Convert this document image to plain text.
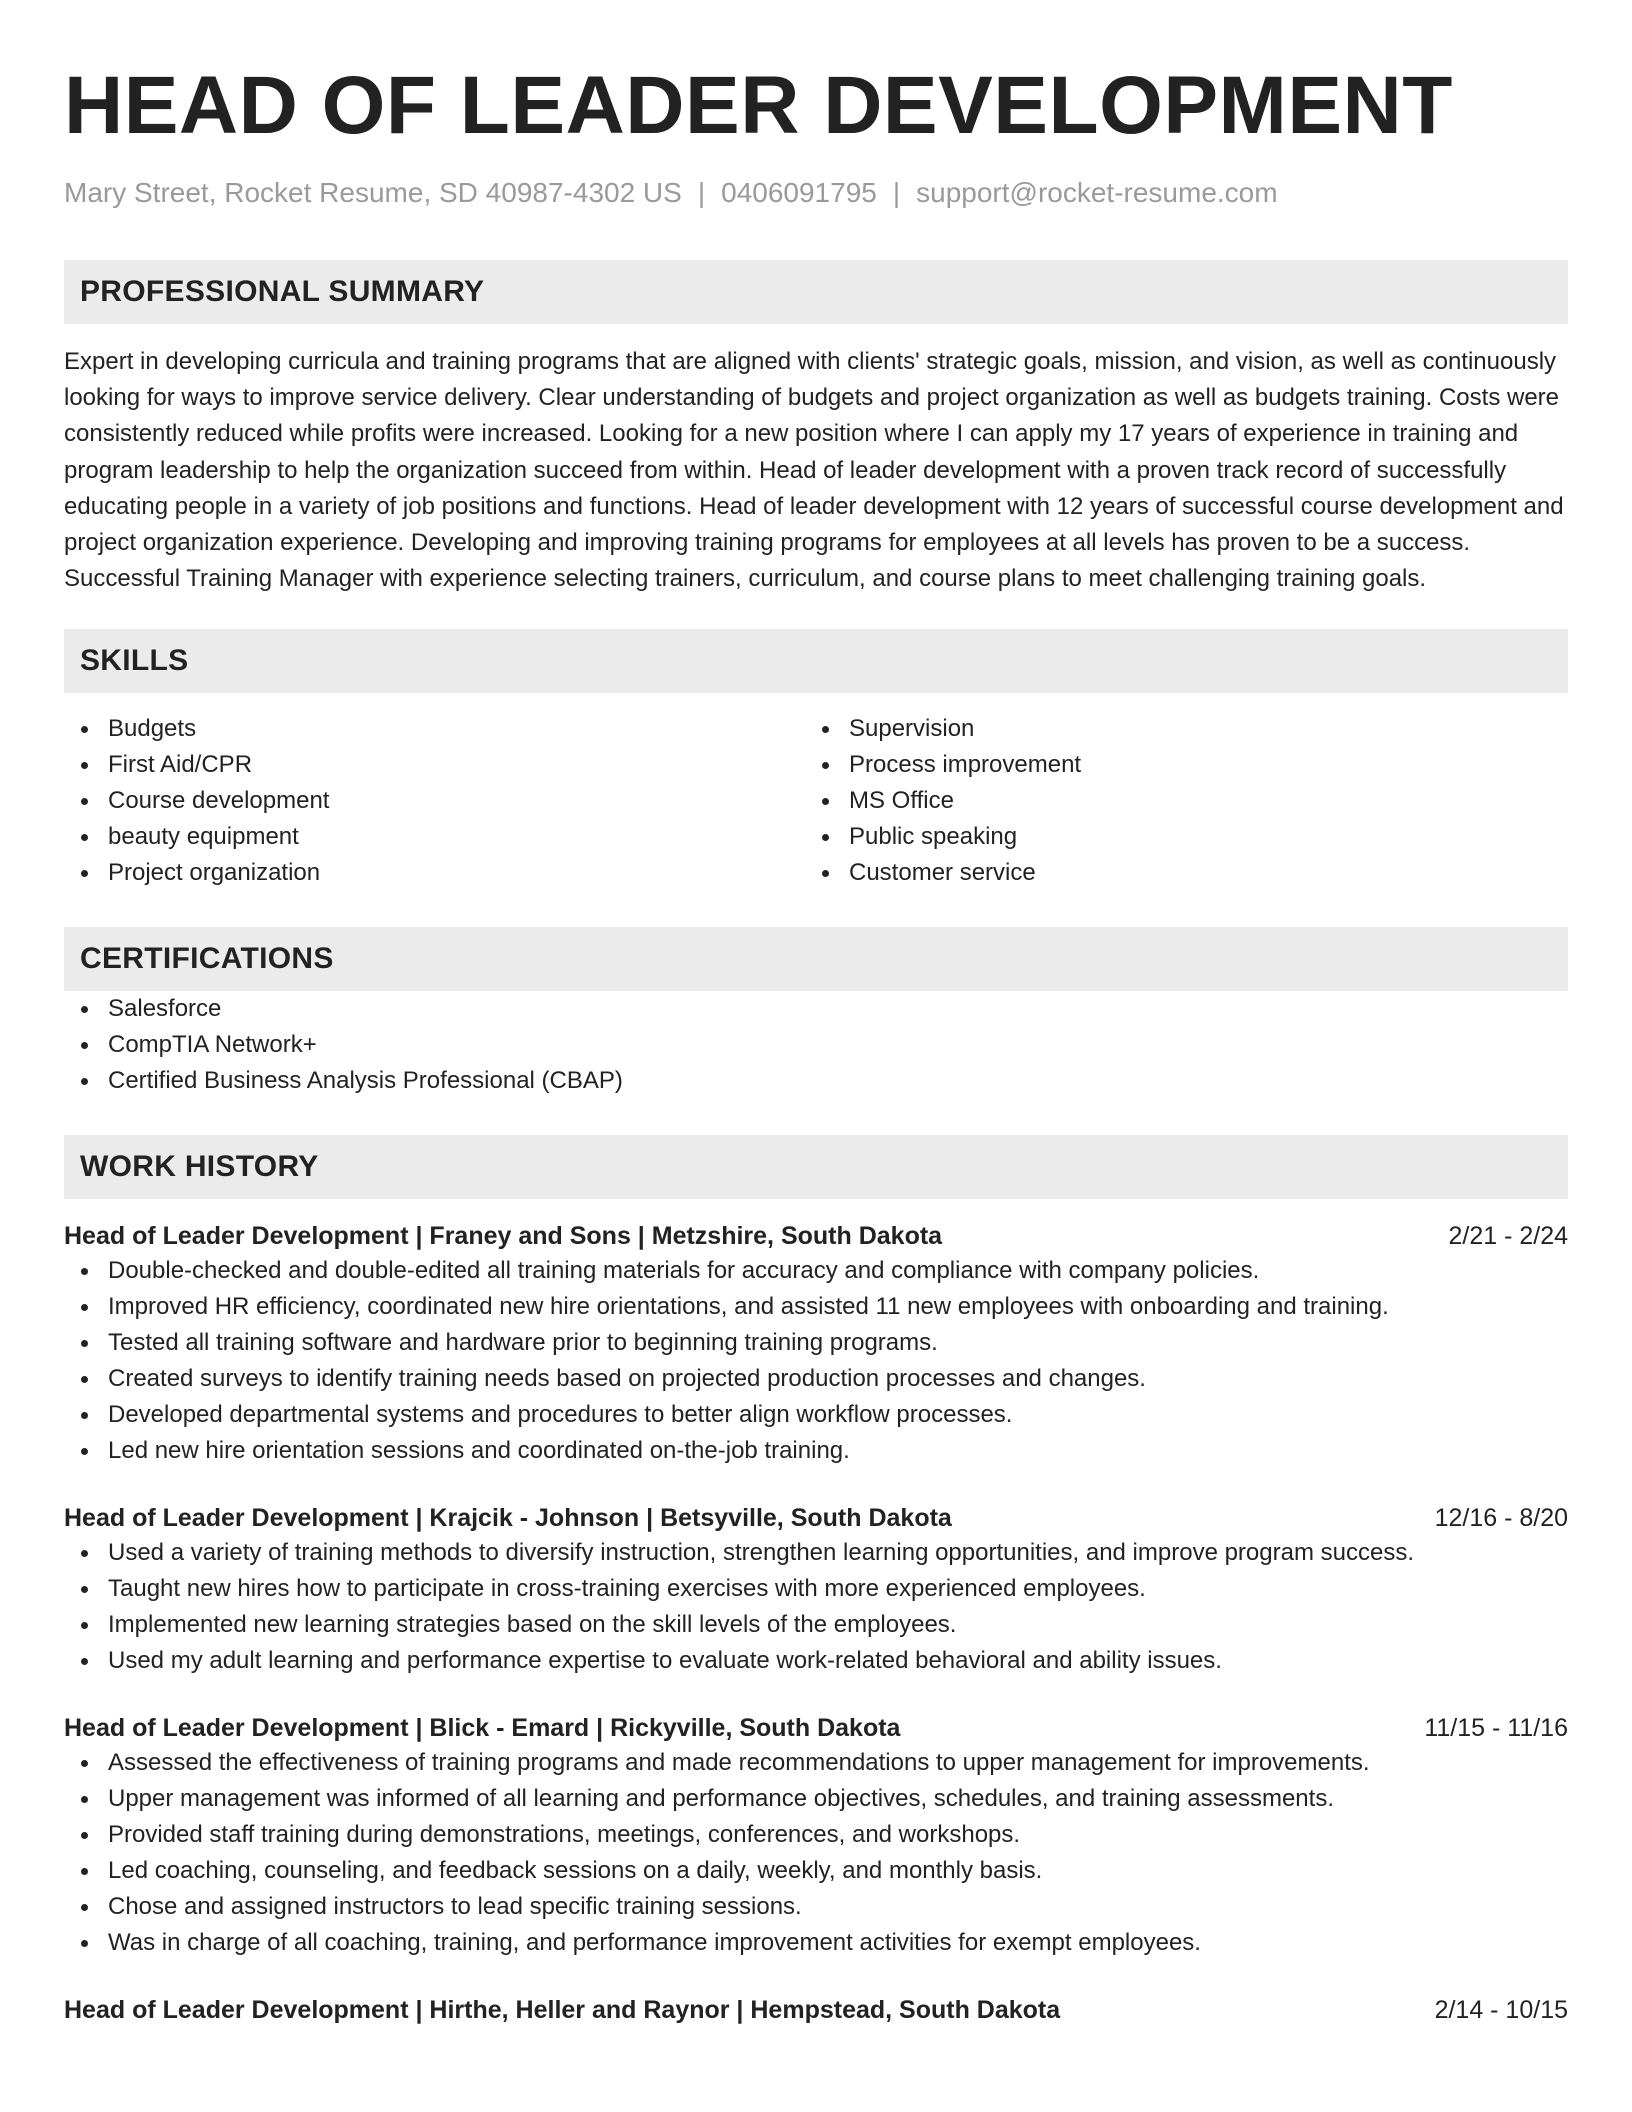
HEAD OF LEADER DEVELOPMENT
Mary Street, Rocket Resume, SD 40987-4302 US | 0406091795 | support@rocket-resume.com
PROFESSIONAL SUMMARY

Expert in developing curricula and training programs that are aligned with clients' strategic goals, mission, and vision, as well as continuously looking for ways to improve service delivery. Clear understanding of budgets and project organization as well as budgets training. Costs were consistently reduced while profits were increased. Looking for a new position where I can apply my 17 years of experience in training and program leadership to help the organization succeed from within. Head of leader development with a proven track record of successfully educating people in a variety of job positions and functions. Head of leader development with 12 years of successful course development and project organization experience. Developing and improving training programs for employees at all levels has proven to be a success. Successful Training Manager with experience selecting trainers, curriculum, and course plans to meet challenging training goals.

SKILLS
Budgets
First Aid/CPR
Course development
beauty equipment
Project organization
Supervision
Process improvement
MS Office
Public speaking
Customer service
CERTIFICATIONS
Salesforce
CompTIA Network+
Certified Business Analysis Professional (CBAP)
WORK HISTORY
Head of Leader Development | Franey and Sons | Metzshire, South Dakota	2/21 - 2/24
Double-checked and double-edited all training materials for accuracy and compliance with company policies.
Improved HR efficiency, coordinated new hire orientations, and assisted 11 new employees with onboarding and training.
Tested all training software and hardware prior to beginning training programs.
Created surveys to identify training needs based on projected production processes and changes.
Developed departmental systems and procedures to better align workflow processes.
Led new hire orientation sessions and coordinated on-the-job training.
Head of Leader Development | Krajcik - Johnson | Betsyville, South Dakota	12/16 - 8/20
Used a variety of training methods to diversify instruction, strengthen learning opportunities, and improve program success.
Taught new hires how to participate in cross-training exercises with more experienced employees.
Implemented new learning strategies based on the skill levels of the employees.
Used my adult learning and performance expertise to evaluate work-related behavioral and ability issues.
Head of Leader Development | Blick - Emard | Rickyville, South Dakota	11/15 - 11/16
Assessed the effectiveness of training programs and made recommendations to upper management for improvements.
Upper management was informed of all learning and performance objectives, schedules, and training assessments.
Provided staff training during demonstrations, meetings, conferences, and workshops.
Led coaching, counseling, and feedback sessions on a daily, weekly, and monthly basis.
Chose and assigned instructors to lead specific training sessions.
Was in charge of all coaching, training, and performance improvement activities for exempt employees.
Head of Leader Development | Hirthe, Heller and Raynor | Hempstead, South Dakota	2/14 - 10/15
